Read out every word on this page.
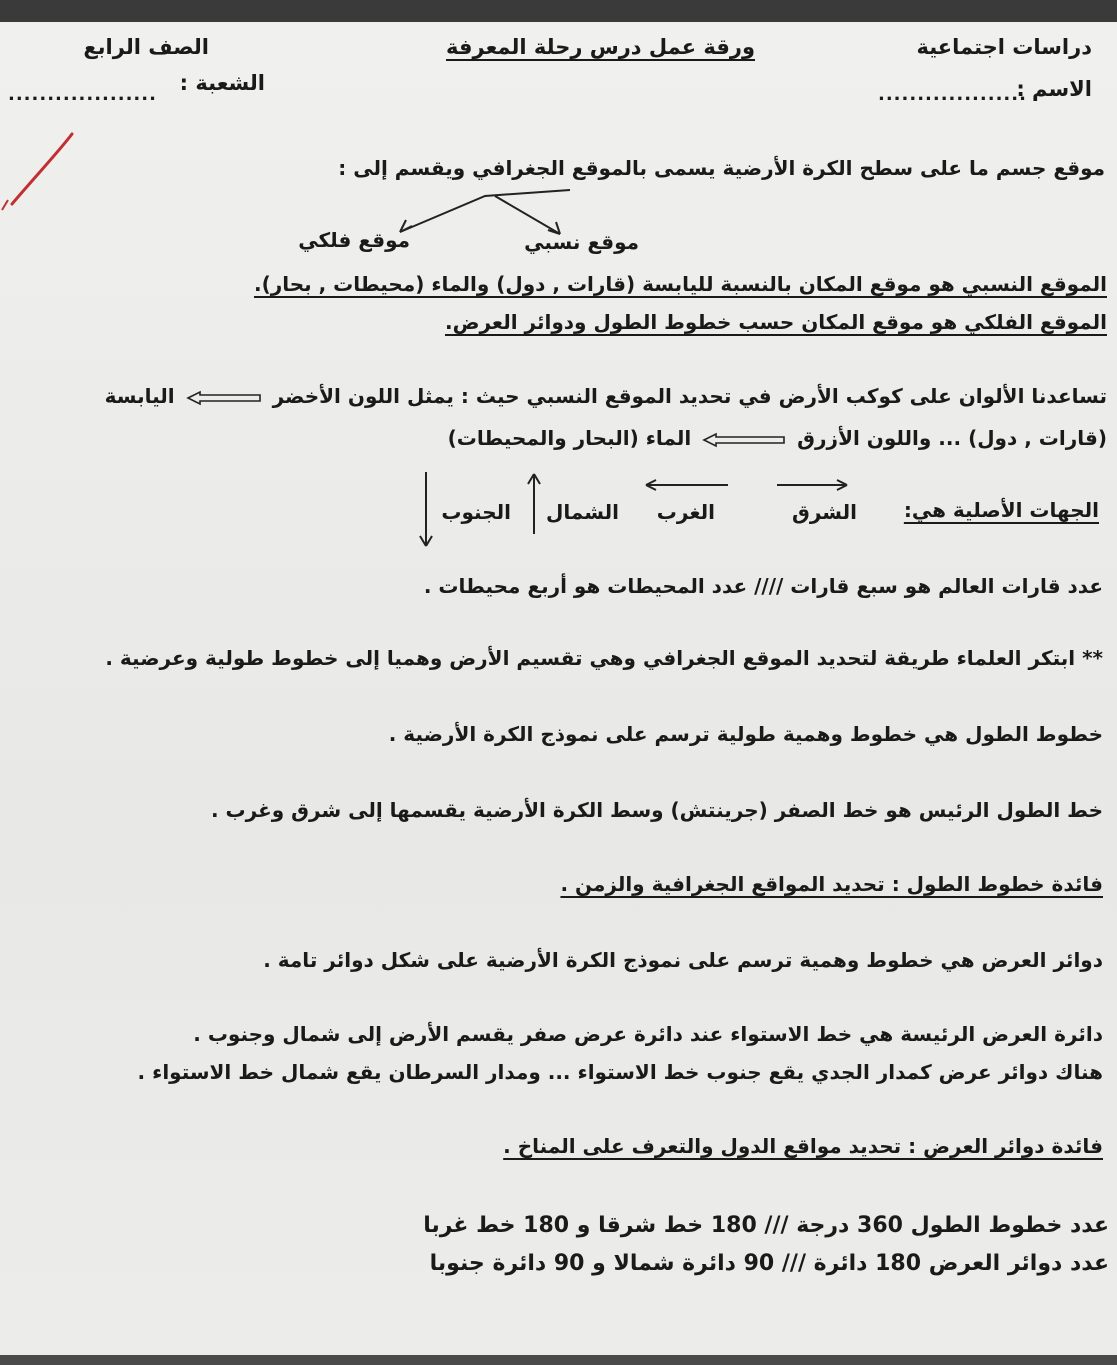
دراسات اجتماعية
ورقة عمل درس رحلة المعرفة
الصف الرابع
الاسم :
...................
الشعبة :
...................
موقع جسم ما على سطح الكرة الأرضية يسمى بالموقع الجغرافي ويقسم إلى :
موقع نسبي
موقع فلكي
الموقع النسبي هو موقع المكان بالنسبة لليابسة (قارات , دول) والماء (محيطات , بحار).
الموقع الفلكي هو موقع المكان حسب خطوط الطول ودوائر العرض.
تساعدنا الألوان على كوكب الأرض في تحديد الموقع النسبي حيث : يمثل اللون الأخضر  اليابسة
(قارات , دول) ... واللون الأزرق  الماء (البحار والمحيطات)
الجهات الأصلية هي:
الشرق
الغرب
الشمال
الجنوب
عدد قارات العالم هو سبع قارات //// عدد المحيطات هو أربع محيطات .
** ابتكر العلماء طريقة لتحديد الموقع الجغرافي وهي تقسيم الأرض وهميا إلى خطوط طولية وعرضية .
خطوط الطول هي خطوط وهمية طولية ترسم على نموذج الكرة الأرضية .
خط الطول الرئيس هو خط الصفر (جرينتش) وسط الكرة الأرضية يقسمها إلى شرق وغرب .
فائدة خطوط الطول : تحديد المواقع الجغرافية والزمن .
دوائر العرض هي خطوط وهمية ترسم على نموذج الكرة الأرضية على شكل دوائر تامة .
دائرة العرض الرئيسة هي خط الاستواء عند دائرة عرض صفر يقسم الأرض إلى شمال وجنوب .
هناك دوائر عرض كمدار الجدي يقع جنوب خط الاستواء ... ومدار السرطان يقع شمال خط الاستواء .
فائدة دوائر العرض : تحديد مواقع الدول والتعرف على المناخ .
عدد خطوط الطول 360 درجة /// 180 خط شرقا و 180 خط غربا
عدد دوائر العرض 180 دائرة /// 90 دائرة شمالا و 90 دائرة جنوبا
